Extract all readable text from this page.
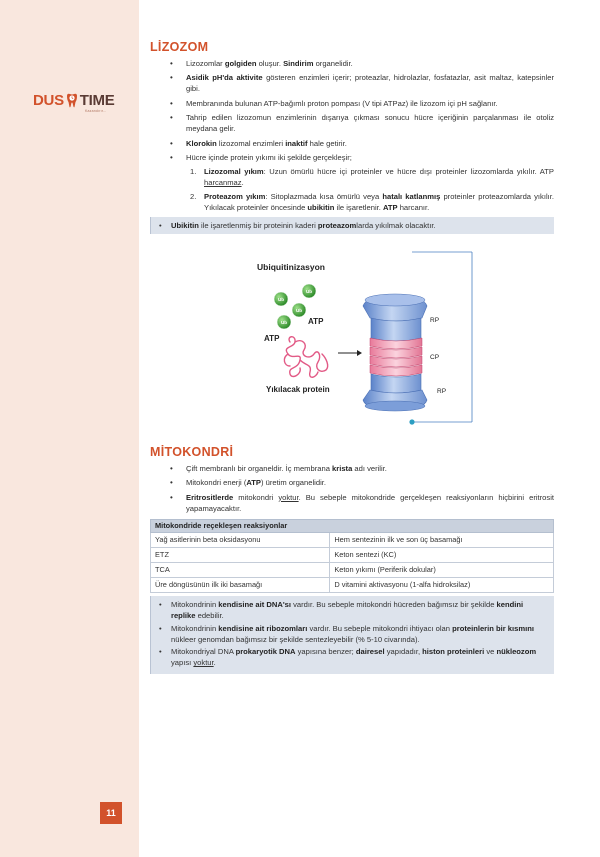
DUS TIME
Kazandırır...
11
LİZOZOM
• Lizozomlar golgiden oluşur. Sindirim organelidir.
• Asidik pH'da aktivite gösteren enzimleri içerir; proteazlar, hidrolazlar, fosfatazlar, asit maltaz, katepsinler gibi.
• Membranında bulunan ATP-bağımlı proton pompası (V tipi ATPaz) ile lizozom içi pH sağlanır.
• Tahrip edilen lizozomun enzimlerinin dışarıya çıkması sonucu hücre içeriğinin parçalanması ile otoliz meydana gelir.
• Klorokin lizozomal enzimleri inaktif hale getirir.
• Hücre içinde protein yıkımı iki şekilde gerçekleşir;
1. Lizozomal yıkım: Uzun ömürlü hücre içi proteinler ve hücre dışı proteinler lizozomlarda yıkılır. ATP harcanmaz.
2. Proteazom yıkım: Sitoplazmada kısa ömürlü veya hatalı katlanmış proteinler proteazomlarda yıkılır. Yıkılacak proteinler öncesinde ubikitin ile işaretlenir. ATP harcanır.
• Ubikitin ile işaretlenmiş bir proteinin kaderi proteazomlarda yıkılmak olacaktır.
Ubiquitinizasyon
Ub
Ub
Ub
Ub	ATP
ATP
Yıkılacak protein
RP
CP
RP
MİTOKONDRİ
• Çift membranlı bir organeldir. İç membrana krista adı verilir.
• Mitokondri enerji (ATP) üretim organelidir.
• Eritrositlerde mitokondri yoktur. Bu sebeple mitokondride gerçekleşen reaksiyonların hiçbirini eritrosit yapamayacaktır.
Mitokondride reçekleşen reaksiyonlar	
Yağ asitlerinin beta oksidasyonu	Hem sentezinin ilk ve son üç basamağı
ETZ	Keton sentezi (KC)
TCA	Keton yıkımı (Periferik dokular)
Üre döngüsünün ilk iki basamağı	D vitamini aktivasyonu (1-alfa hidroksilaz)
• Mitokondrinin kendisine ait DNA'sı vardır. Bu sebeple mitokondri hücreden bağımsız bir şekilde kendini replike edebilir.
• Mitokondrinin kendisine ait ribozomları vardır. Bu sebeple mitokondri ihtiyacı olan proteinlerin bir kısmını nükleer genomdan bağımsız bir şekilde sentezleyebilir (% 5-10 civarında).
• Mitokondriyal DNA prokaryotik DNA yapısına benzer; dairesel yapıdadır, histon proteinleri ve nükleozom yapısı yoktur.
